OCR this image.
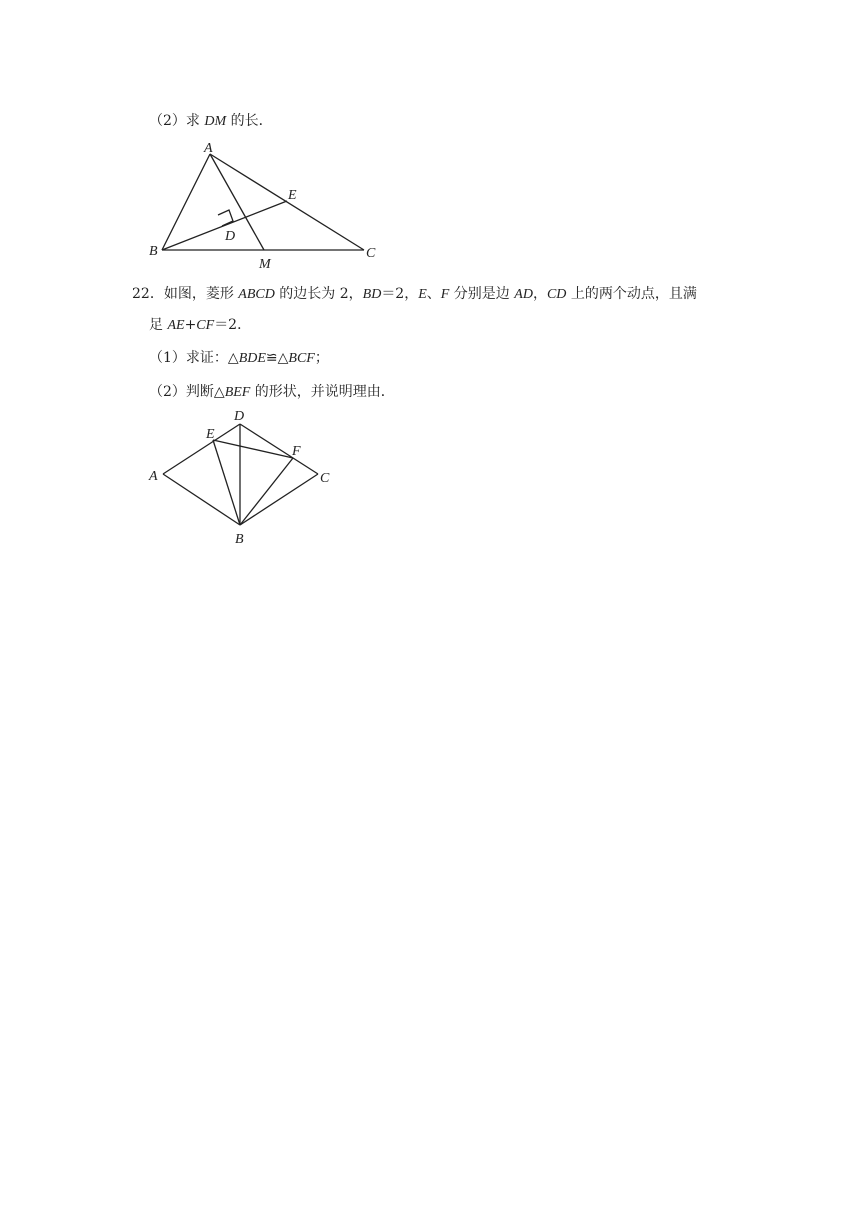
（2）求 DM 的长．
A
B	C
D
E
M
22．如图，菱形 ABCD 的边长为 2，BD＝2，E、F 分别是边 AD，CD 上的两个动点，且满
足 AE+CF＝2．
（1）求证：△BDE≌△BCF；
（2）判断△BEF 的形状，并说明理由．
A
B
C
D
E
F
